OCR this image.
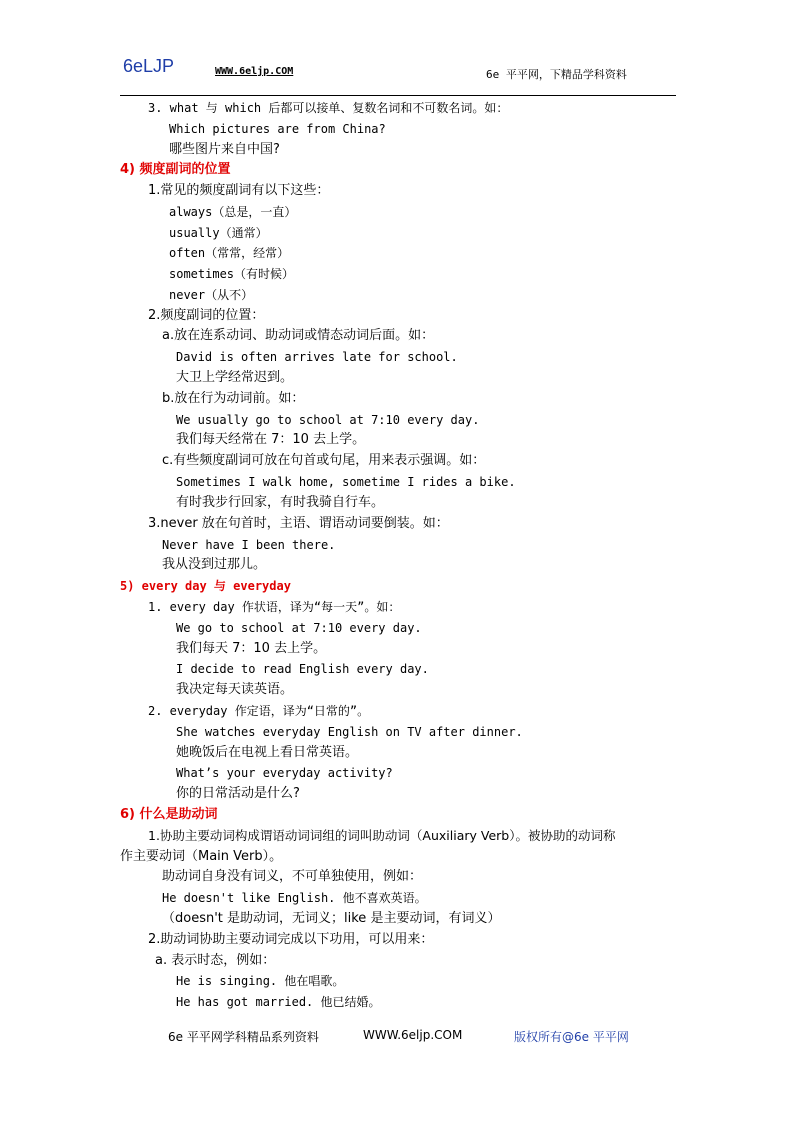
6eLJP	WWW.6eljp.COM	6e 平平网，下精品学科资料
3. what 与 which 后都可以接单、复数名词和不可数名词。如：
Which pictures are from China?
哪些图片来自中国?
4) 频度副词的位置
1.常见的频度副词有以下这些：
always（总是，一直）
usually（通常）
often（常常，经常）
sometimes（有时候）
never（从不）
2.频度副词的位置：
a.放在连系动词、助动词或情态动词后面。如：
David is often arrives late for school.
大卫上学经常迟到。
b.放在行为动词前。如：
We usually go to school at 7:10 every day.
我们每天经常在 7：10 去上学。
c.有些频度副词可放在句首或句尾，用来表示强调。如：
Sometimes I walk home, sometime I rides a bike.
有时我步行回家，有时我骑自行车。
3.never 放在句首时，主语、谓语动词要倒装。如：
Never have I been there.
我从没到过那儿。
5) every day 与 everyday
1. every day 作状语，译为“每一天”。如：
We go to school at 7:10 every day.
我们每天 7：10 去上学。
I decide to read English every day.
我决定每天读英语。
2. everyday 作定语，译为“日常的”。
She watches everyday English on TV after dinner.
她晚饭后在电视上看日常英语。
What’s your everyday activity?
你的日常活动是什么?
6) 什么是助动词
1.协助主要动词构成谓语动词词组的词叫助动词（Auxiliary Verb）。被协助的动词称
作主要动词（Main Verb）。
助动词自身没有词义，不可单独使用，例如：
He doesn't like English. 他不喜欢英语。
（doesn't 是助动词，无词义；like 是主要动词，有词义）
2.助动词协助主要动词完成以下功用，可以用来：
a. 表示时态，例如：
He is singing. 他在唱歌。
He has got married. 他已结婚。
6e 平平网学科精品系列资料	WWW.6eljp.COM	版权所有@6e 平平网
